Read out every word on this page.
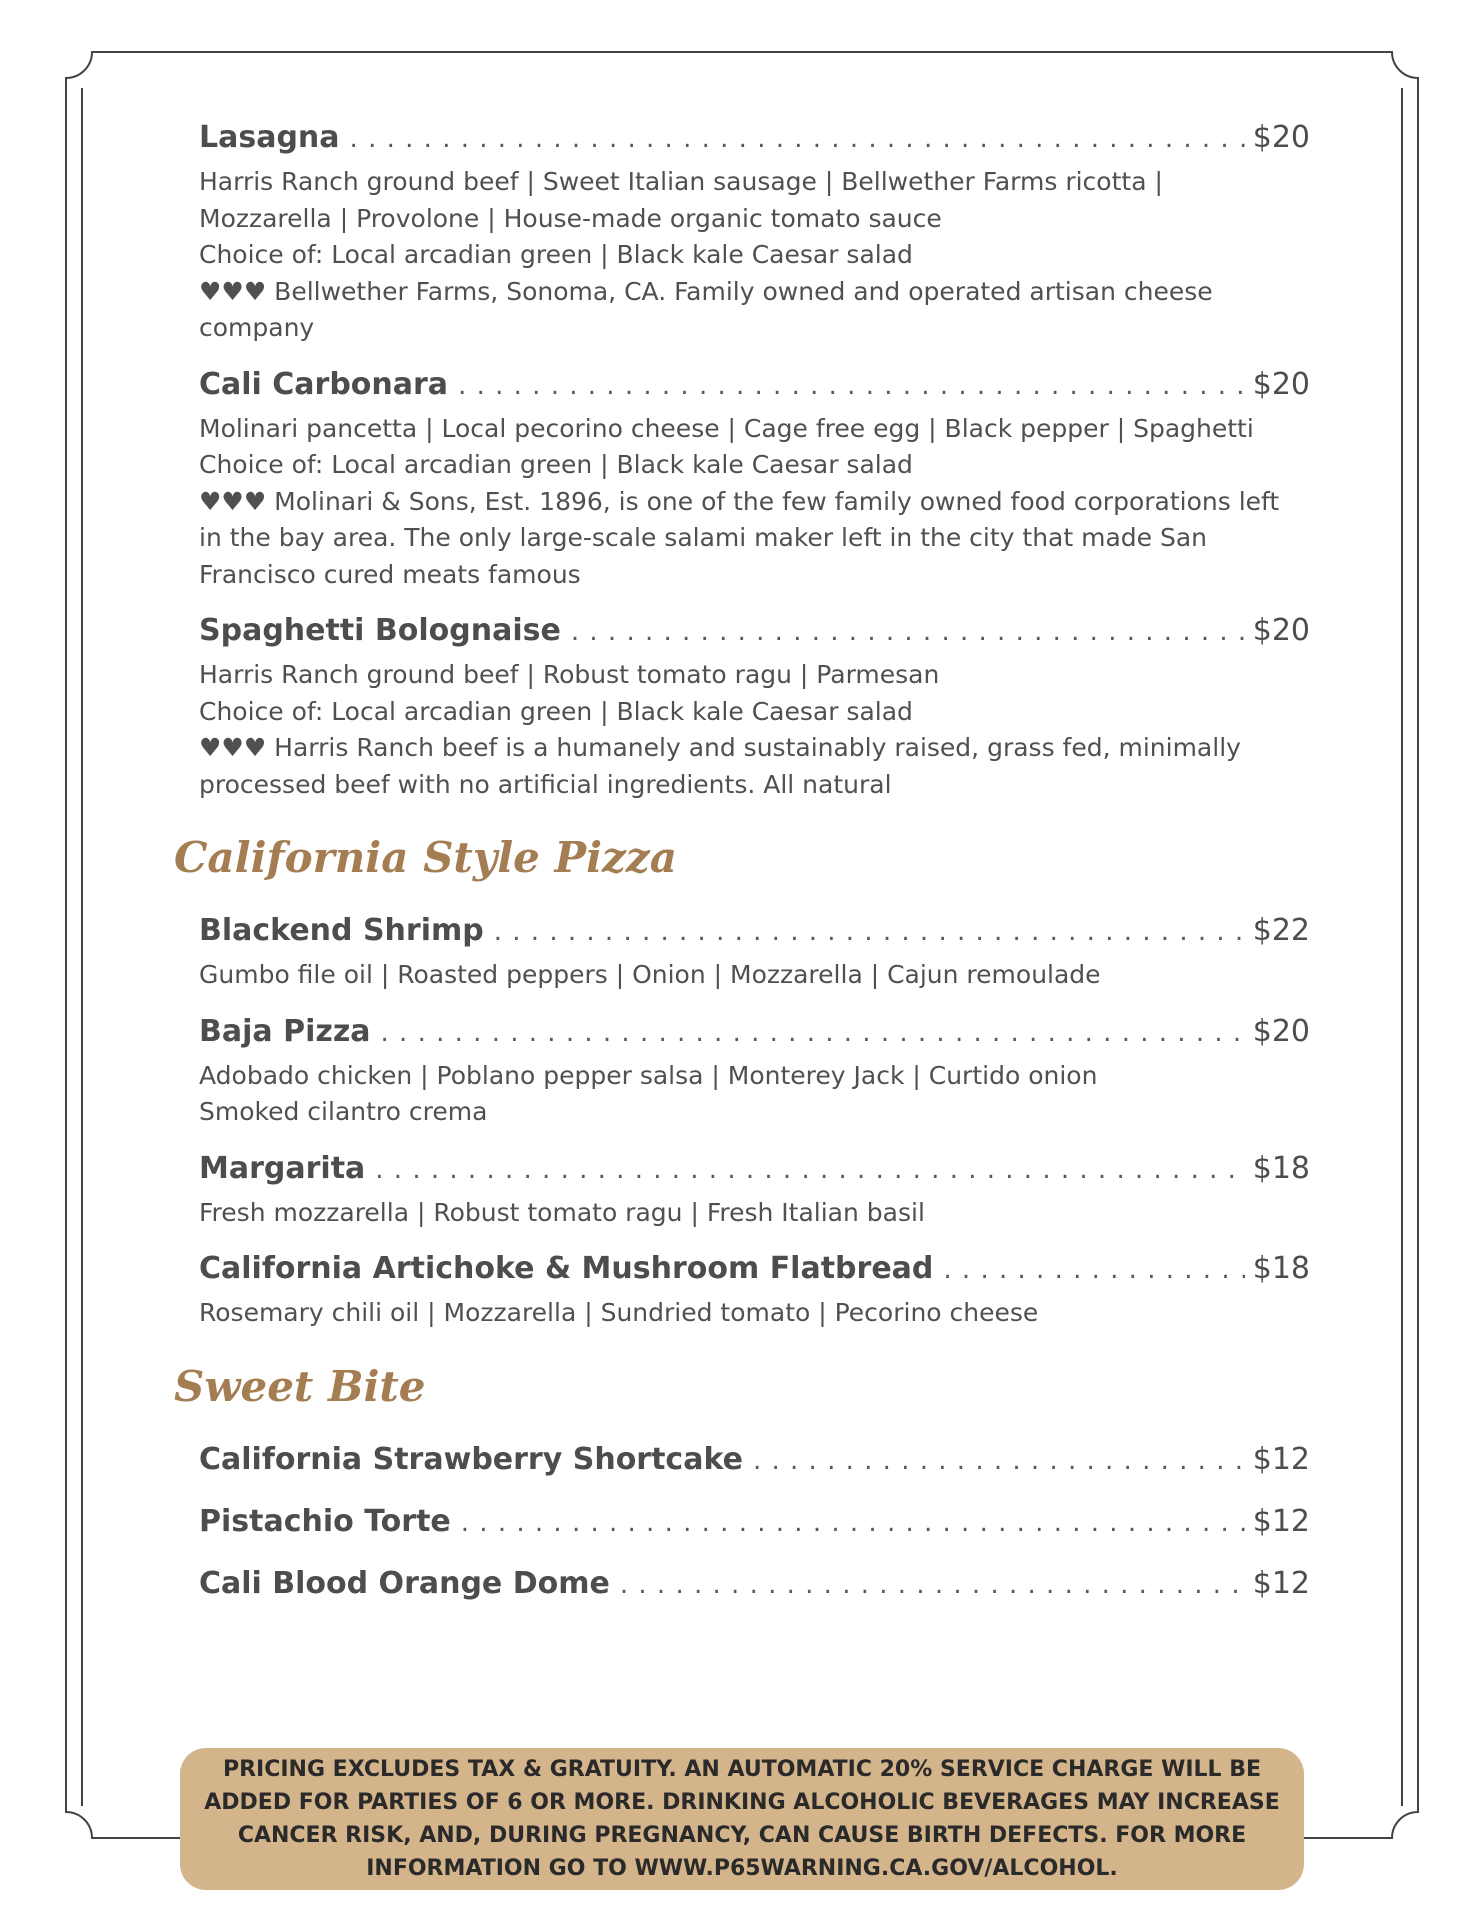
Lasagna . . .	$20
Harris Ranch ground beef | Sweet Italian sausage | Bellwether Farms ricotta |
Mozzarella | Provolone | House-made organic tomato sauce
Choice of: Local arcadian green | Black kale Caesar salad
♥♥♥ Bellwether Farms, Sonoma, CA. Family owned and operated artisan cheese
company
Cali Carbonara . . .	$20
Molinari pancetta | Local pecorino cheese | Cage free egg | Black pepper | Spaghetti
Choice of: Local arcadian green | Black kale Caesar salad
♥♥♥ Molinari & Sons, Est. 1896, is one of the few family owned food corporations left
in the bay area. The only large-scale salami maker left in the city that made San
Francisco cured meats famous
Spaghetti Bolognaise . . .	$20
Harris Ranch ground beef | Robust tomato ragu | Parmesan
Choice of: Local arcadian green | Black kale Caesar salad
♥♥♥ Harris Ranch beef is a humanely and sustainably raised, grass fed, minimally
processed beef with no artificial ingredients. All natural
California Style Pizza
Blackend Shrimp . . .	$22
Gumbo file oil | Roasted peppers | Onion | Mozzarella | Cajun remoulade
Baja Pizza . . .	$20
Adobado chicken | Poblano pepper salsa | Monterey Jack | Curtido onion
Smoked cilantro crema
Margarita . . .	$18
Fresh mozzarella | Robust tomato ragu | Fresh Italian basil
California Artichoke & Mushroom Flatbread . . .	$18
Rosemary chili oil | Mozzarella | Sundried tomato | Pecorino cheese
Sweet Bite
California Strawberry Shortcake . . .	$12
Pistachio Torte . . .	$12
Cali Blood Orange Dome . . .	$12
PRICING EXCLUDES TAX & GRATUITY. AN AUTOMATIC 20% SERVICE CHARGE WILL BE ADDED FOR PARTIES OF 6 OR MORE. DRINKING ALCOHOLIC BEVERAGES MAY INCREASE CANCER RISK, AND, DURING PREGNANCY, CAN CAUSE BIRTH DEFECTS. FOR MORE INFORMATION GO TO WWW.P65WARNING.CA.GOV/ALCOHOL.
